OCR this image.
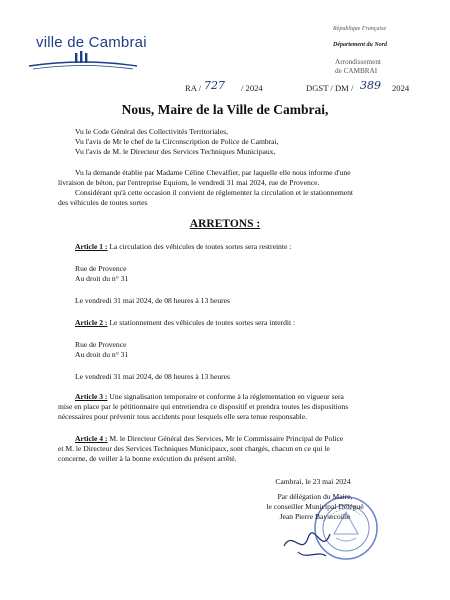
ville de Cambrai
République Française
Département du Nord
Arrondissement
de CAMBRAI
RA / 727 / 2024	DGST / DM / 389 2024
Nous, Maire de la Ville de Cambrai,
Vu le Code Général des Collectivités Territoriales,
Vu l'avis de Mr le chef de la Circonscription de Police de Cambrai,
Vu l'avis de M. le Directeur des Services Techniques Municipaux,
Vu la demande établie par Madame Céline Chevalfier, par laquelle elle nous informe d'une
livraison de béton, par l'entreprise Equiom, le vendredi 31 mai 2024, rue de Provence.
Considérant qu'à cette occasion il convient de réglementer la circulation et le stationnement
des véhicules de toutes sortes
ARRETONS :
Article 1 : La circulation des véhicules de toutes sortes sera restreinte :
Rue de Provence
Au droit du n° 31
Le vendredi 31 mai 2024, de 08 heures à 13 heures
Article 2 : Le stationnement des véhicules de toutes sortes sera interdit :
Rue de Provence
Au droit du n° 31
Le vendredi 31 mai 2024, de 08 heures à 13 heures
Article 3 : Une signalisation temporaire et conforme à la réglementation en vigueur sera
mise en place par le pétitionnaire qui entretiendra ce dispositif et prendra toutes les dispositions
nécessaires pour prévenir tous accidents pour lesquels elle sera tenue responsable.
Article 4 : M. le Directeur Général des Services, Mr le Commissaire Principal de Police
et M. le Directeur des Services Techniques Municipaux, sont chargés, chacun en ce qui le
concerne, de veiller à la bonne exécution du présent arrêté.
Cambrai, le 23 mai 2024
Par délégation du Maire,
le conseiller Municipal Délégué
Jean Pierre Baysecoille
